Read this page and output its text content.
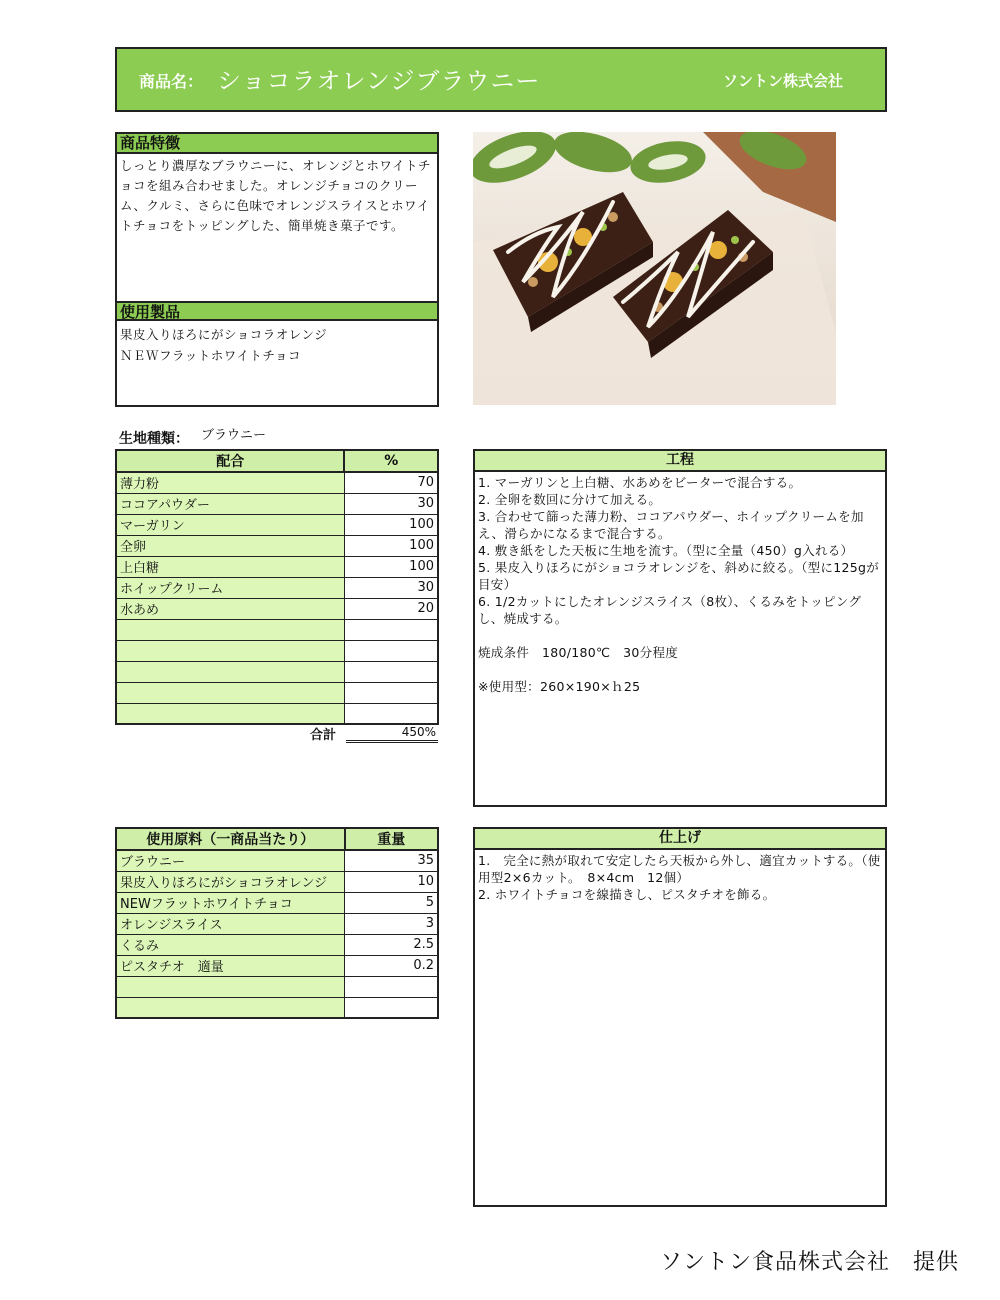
商品名： ショコラオレンジブラウニー	ソントン株式会社
商品特徴
しっとり濃厚なブラウニーに、オレンジとホワイトチョコを組み合わせました。オレンジチョコのクリーム、クルミ、さらに色味でオレンジスライスとホワイトチョコをトッピングした、簡単焼き菓子です。
使用製品
果皮入りほろにがショコラオレンジ
ＮＥＷフラットホワイトチョコ
生地種類： ブラウニー
配合	%
薄力粉	70
ココアパウダー	30
マーガリン	100
全卵	100
上白糖	100
ホイップクリーム	30
水あめ	20

合計	450%
工程
1. マーガリンと上白糖、水あめをビーターで混合する。
2. 全卵を数回に分けて加える。
3. 合わせて篩った薄力粉、ココアパウダー、ホイップクリームを加え、滑らかになるまで混合する。
4. 敷き紙をした天板に生地を流す。（型に全量（450）g入れる）
5. 果皮入りほろにがショコラオレンジを、斜めに絞る。（型に125gが目安）
6. 1/2カットにしたオレンジスライス（8枚）、くるみをトッピングし、焼成する。
焼成条件　180/180℃　30分程度
※使用型：260×190×ｈ25
使用原料（一商品当たり）	重量
ブラウニー	35
果皮入りほろにがショコラオレンジ	10
NEWフラットホワイトチョコ	5
オレンジスライス	3
くるみ	2.5
ピスタチオ　適量	0.2

仕上げ
1.　完全に熱が取れて安定したら天板から外し、適宜カットする。（使用型2×6カット。　8×4cm　12個）
2. ホワイトチョコを線描きし、ピスタチオを飾る。
ソントン食品株式会社　提供
